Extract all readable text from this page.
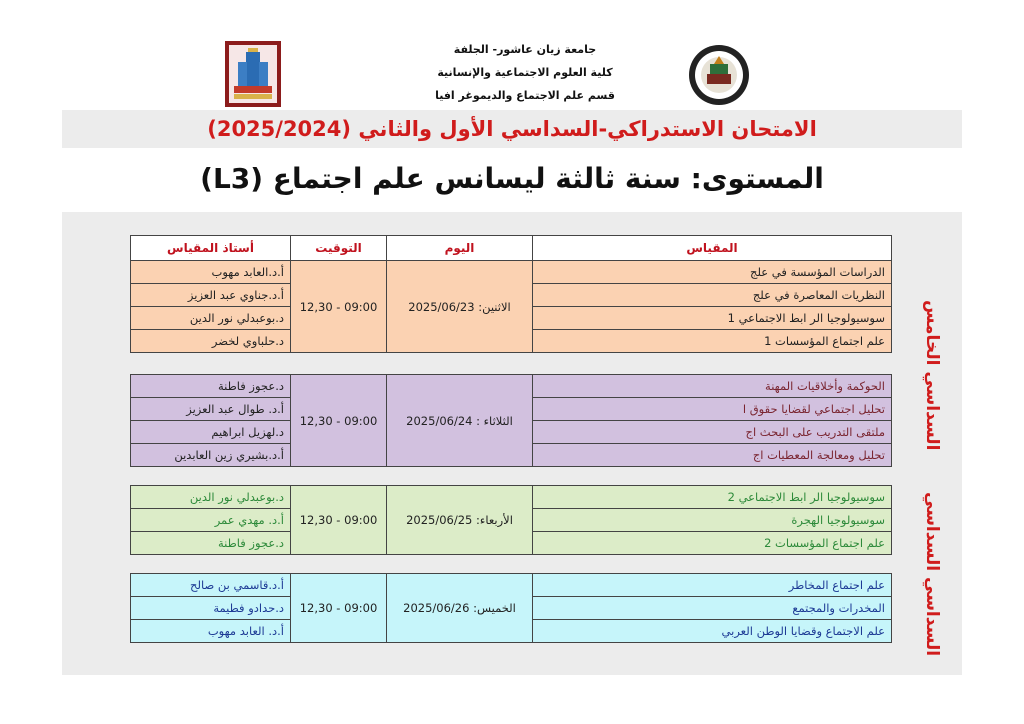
جامعة زيان عاشور- الجلفة
كلية العلوم الاجتماعية والإنسانية
قسم علم الاجتماع والديموغر افيا
الامتحان الاستدراكي-السداسي الأول والثاني (2025/2024)
المستوى: سنة ثالثة ليسانس علم اجتماع (L3)
السداسي الخامس
السداسي السداسي
المقياس	اليوم	التوقيت	أستاذ المقياس
الدراسات المؤسسة في علج	الاثنين: 2025/06/23	09:00 - 12,30	أ.د.العابد مهوب
النظريات المعاصرة في علج			أ.د.جناوي عبد العزيز
سوسيولوجيا الر ابط الاجتماعي 1			د.بوعبدلي نور الدين
علم اجتماع المؤسسات 1			د.حلباوي لخضر
الحوكمة وأخلاقيات المهنة	الثلاثاء : 2025/06/24	09:00 - 12,30	د.عجوز فاطنة
تحليل اجتماعي لقضايا حقوق ا			أ.د. طوال عبد العزيز
ملتقى التدريب على البحث اج			د.لهزيل ابراهيم
تحليل ومعالجة المعطيات اج			أ.د.بشيري زين العابدين
سوسيولوجيا الر ابط الاجتماعي 2	الأربعاء: 2025/06/25	09:00 - 12,30	د.بوعبدلي نور الدين
سوسيولوجيا الهجرة			أ.د. مهدي عمر
علم اجتماع المؤسسات 2			د.عجوز فاطنة
علم اجتماع المخاطر	الخميس: 2025/06/26	09:00 - 12,30	أ.د.قاسمي بن صالح
المخدرات والمجتمع			د.حدادو فطيمة
علم الاجتماع وقضايا الوطن العربي			أ.د. العابد مهوب
